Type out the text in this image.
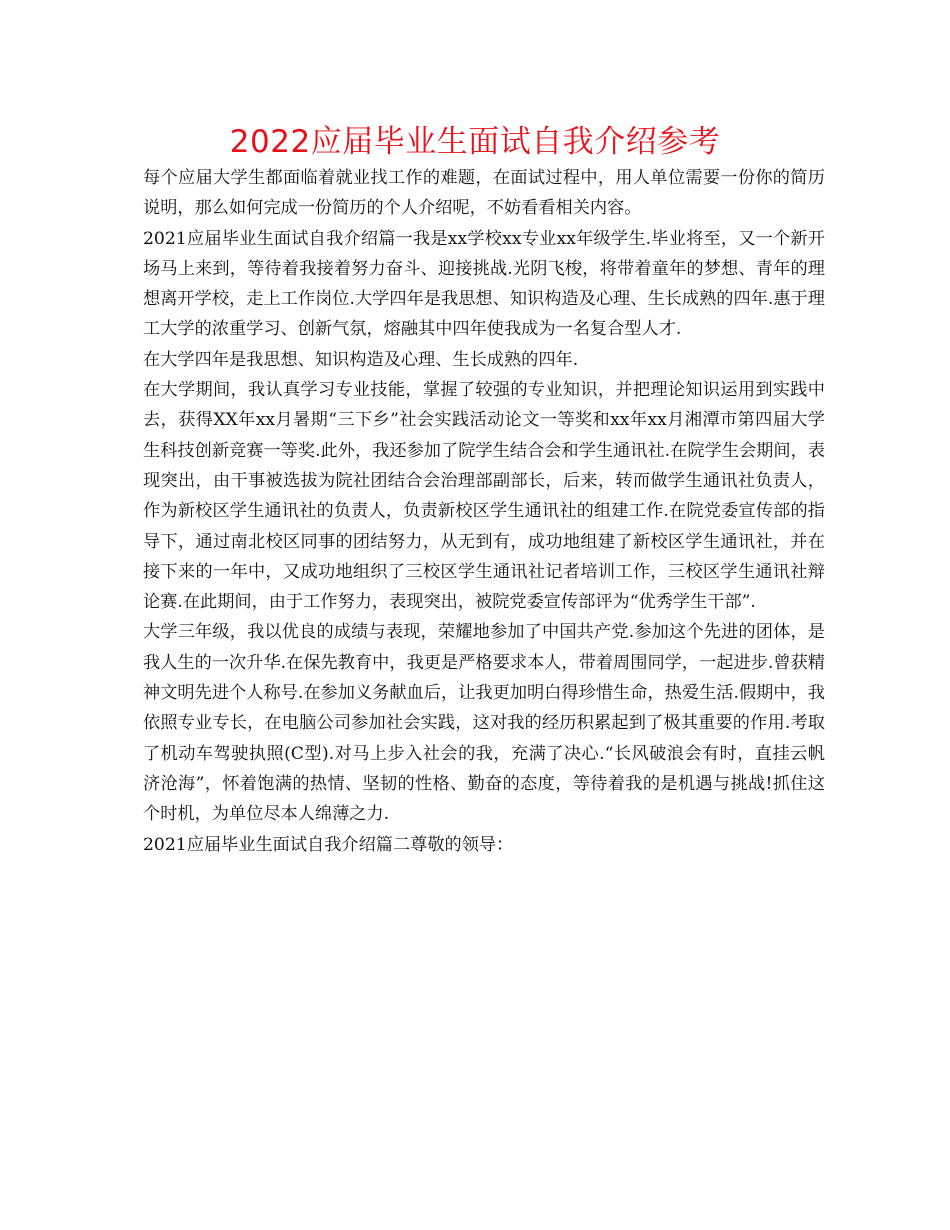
2022应届毕业生面试自我介绍参考

每个应届大学生都面临着就业找工作的难题，在面试过程中，用人单位需要一份你的简历说明，那么如何完成一份简历的个人介绍呢，不妨看看相关内容。

2021应届毕业生面试自我介绍篇一我是xx学校xx专业xx年级学生.毕业将至，又一个新开场马上来到，等待着我接着努力奋斗、迎接挑战.光阴飞梭，将带着童年的梦想、青年的理想离开学校，走上工作岗位.大学四年是我思想、知识构造及心理、生长成熟的四年.惠于理工大学的浓重学习、创新气氛，熔融其中四年使我成为一名复合型人才.

在大学四年是我思想、知识构造及心理、生长成熟的四年.

在大学期间，我认真学习专业技能，掌握了较强的专业知识，并把理论知识运用到实践中去，获得XX年xx月暑期“三下乡”社会实践活动论文一等奖和xx年xx月湘潭市第四届大学生科技创新竞赛一等奖.此外，我还参加了院学生结合会和学生通讯社.在院学生会期间，表现突出，由干事被选拔为院社团结合会治理部副部长，后来，转而做学生通讯社负责人，作为新校区学生通讯社的负责人，负责新校区学生通讯社的组建工作.在院党委宣传部的指导下，通过南北校区同事的团结努力，从无到有，成功地组建了新校区学生通讯社，并在接下来的一年中，又成功地组织了三校区学生通讯社记者培训工作，三校区学生通讯社辩论赛.在此期间，由于工作努力，表现突出，被院党委宣传部评为“优秀学生干部”.

大学三年级，我以优良的成绩与表现，荣耀地参加了中国共产党.参加这个先进的团体，是我人生的一次升华.在保先教育中，我更是严格要求本人，带着周围同学，一起进步.曾获精神文明先进个人称号.在参加义务献血后，让我更加明白得珍惜生命，热爱生活.假期中，我依照专业专长，在电脑公司参加社会实践，这对我的经历积累起到了极其重要的作用.考取了机动车驾驶执照(C型).对马上步入社会的我，充满了决心.“长风破浪会有时，直挂云帆济沧海”，怀着饱满的热情、坚韧的性格、勤奋的态度，等待着我的是机遇与挑战!抓住这个时机，为单位尽本人绵薄之力.

2021应届毕业生面试自我介绍篇二尊敬的领导：
